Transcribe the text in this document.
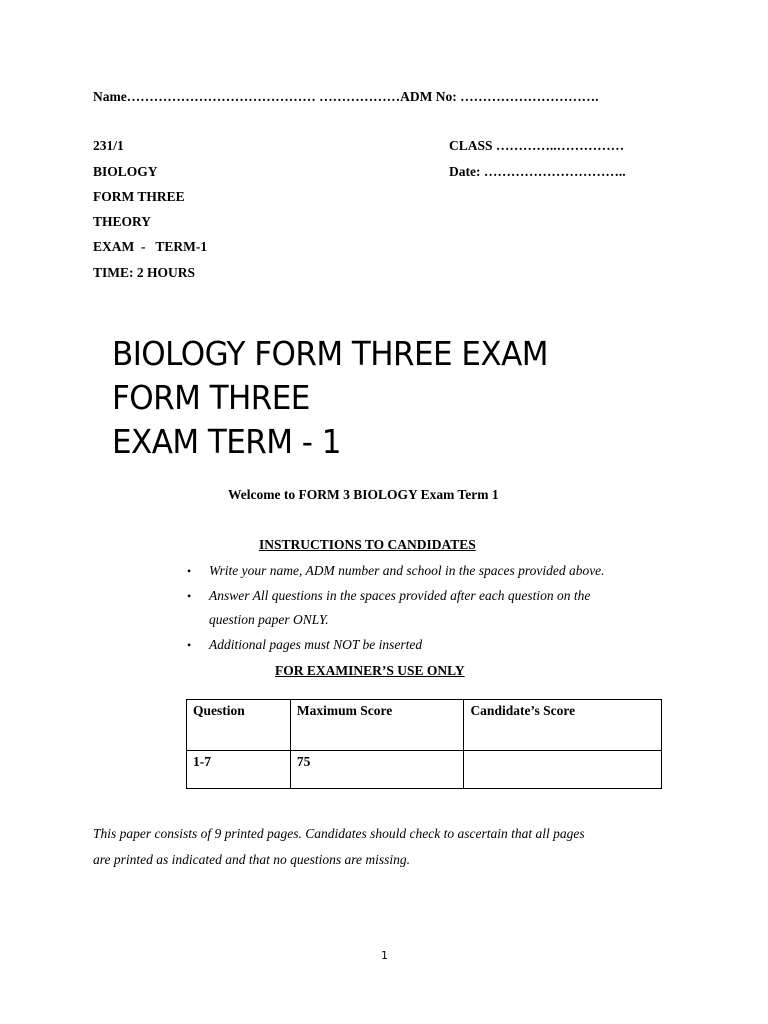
Name…………………………………… ………………ADM No: ………………………….
231/1	CLASS …………..……………
BIOLOGY	Date: …………………………..
FORM THREE
THEORY
EXAM  -   TERM-1
TIME: 2 HOURS
BIOLOGY FORM THREE EXAM
FORM THREE
EXAM TERM - 1
Welcome to FORM 3 BIOLOGY Exam Term 1
INSTRUCTIONS TO CANDIDATES
• Write your name, ADM number and school in the spaces provided above.
• Answer All questions in the spaces provided after each question on the
question paper ONLY.
• Additional pages must NOT be inserted
FOR EXAMINER’S USE ONLY
Question	Maximum Score	Candidate’s Score
1-7	75	
This paper consists of 9 printed pages. Candidates should check to ascertain that all pages
are printed as indicated and that no questions are missing.
1
